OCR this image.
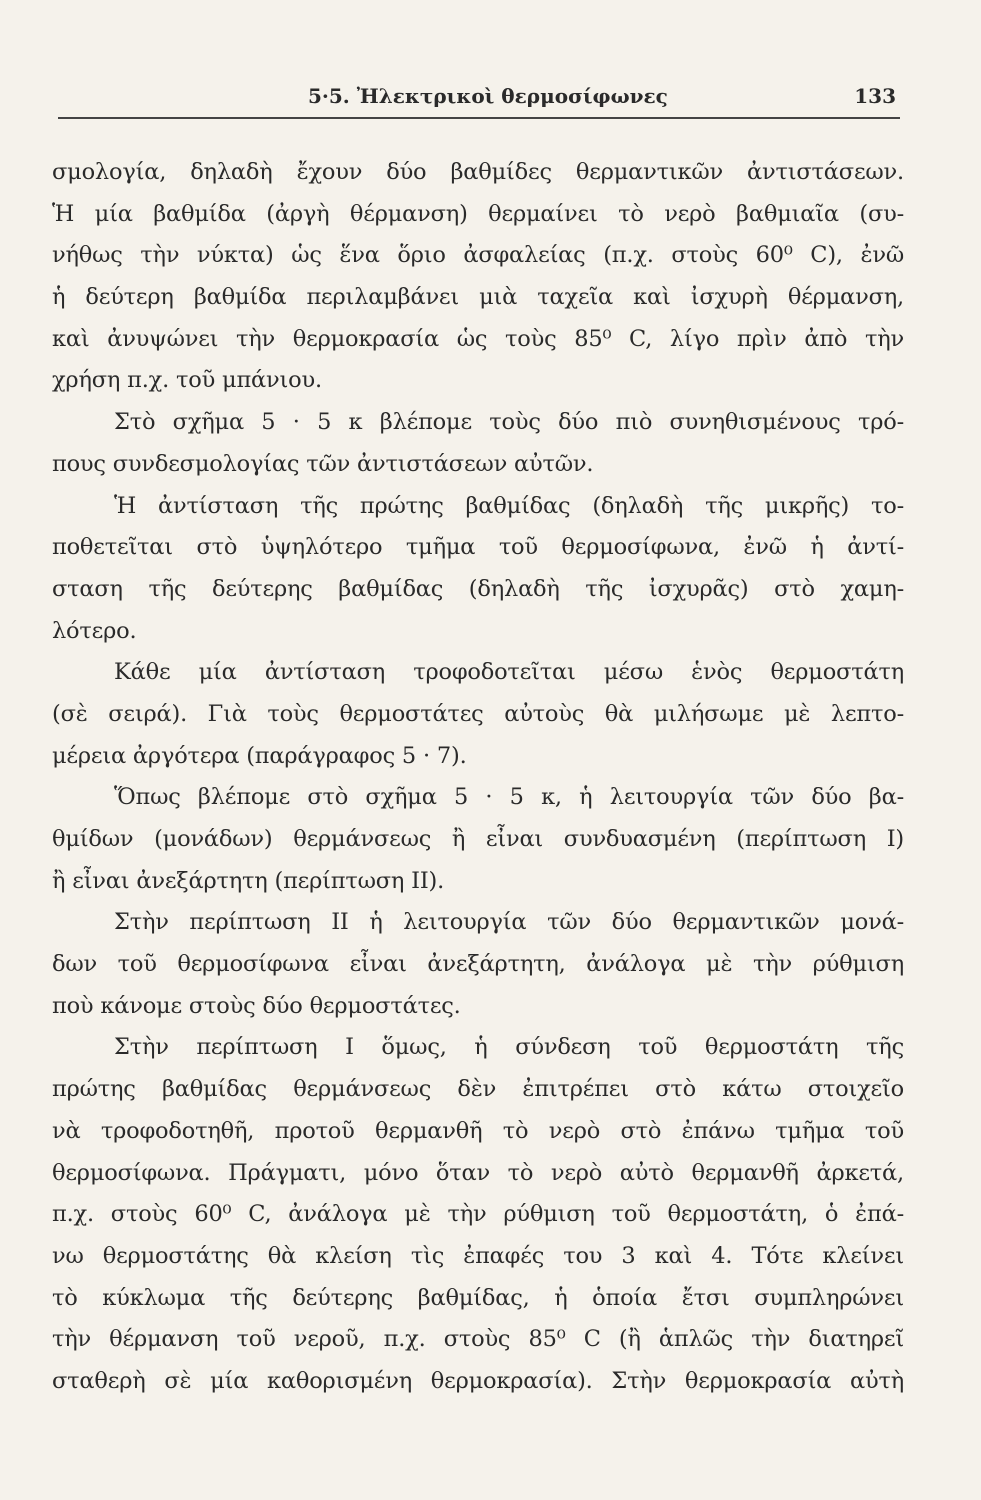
5·5. Ἠλεκτρικοὶ θερμοσίφωνες	133
σμολογία, δηλαδὴ ἔχουν δύο βαθμίδες θερμαντικῶν ἀντιστάσεων.
Ἡ μία βαθμίδα (ἀργὴ θέρμανση) θερμαίνει τὸ νερὸ βαθμιαῖα (συ-
νήθως τὴν νύκτα) ὡς ἕνα ὅριο ἀσφαλείας (π.χ. στοὺς 60⁰ C), ἐνῶ
ἡ δεύτερη βαθμίδα περιλαμβάνει μιὰ ταχεῖα καὶ ἰσχυρὴ θέρμανση,
καὶ ἀνυψώνει τὴν θερμοκρασία ὡς τοὺς 85⁰ C, λίγο πρὶν ἀπὸ τὴν
χρήση π.χ. τοῦ μπάνιου.
Στὸ σχῆμα 5 · 5 κ βλέπομε τοὺς δύο πιὸ συνηθισμένους τρό-
πους συνδεσμολογίας τῶν ἀντιστάσεων αὐτῶν.
Ἡ ἀντίσταση τῆς πρώτης βαθμίδας (δηλαδὴ τῆς μικρῆς) το-
ποθετεῖται στὸ ὑψηλότερο τμῆμα τοῦ θερμοσίφωνα, ἐνῶ ἡ ἀντί-
σταση τῆς δεύτερης βαθμίδας (δηλαδὴ τῆς ἰσχυρᾶς) στὸ χαμη-
λότερο.
Κάθε μία ἀντίσταση τροφοδοτεῖται μέσω ἑνὸς θερμοστάτη
(σὲ σειρά). Γιὰ τοὺς θερμοστάτες αὐτοὺς θὰ μιλήσωμε μὲ λεπτο-
μέρεια ἀργότερα (παράγραφος 5 · 7).
Ὅπως βλέπομε στὸ σχῆμα 5 · 5 κ, ἡ λειτουργία τῶν δύο βα-
θμίδων (μονάδων) θερμάνσεως ἢ εἶναι συνδυασμένη (περίπτωση I)
ἢ εἶναι ἀνεξάρτητη (περίπτωση II).
Στὴν περίπτωση II ἡ λειτουργία τῶν δύο θερμαντικῶν μονά-
δων τοῦ θερμοσίφωνα εἶναι ἀνεξάρτητη, ἀνάλογα μὲ τὴν ρύθμιση
ποὺ κάνομε στοὺς δύο θερμοστάτες.
Στὴν περίπτωση I ὅμως, ἡ σύνδεση τοῦ θερμοστάτη τῆς
πρώτης βαθμίδας θερμάνσεως δὲν ἐπιτρέπει στὸ κάτω στοιχεῖο
νὰ τροφοδοτηθῆ, προτοῦ θερμανθῆ τὸ νερὸ στὸ ἐπάνω τμῆμα τοῦ
θερμοσίφωνα. Πράγματι, μόνο ὅταν τὸ νερὸ αὐτὸ θερμανθῆ ἀρκετά,
π.χ. στοὺς 60⁰ C, ἀνάλογα μὲ τὴν ρύθμιση τοῦ θερμοστάτη, ὁ ἐπά-
νω θερμοστάτης θὰ κλείση τὶς ἐπαφές του 3 καὶ 4. Τότε κλείνει
τὸ κύκλωμα τῆς δεύτερης βαθμίδας, ἡ ὁποία ἔτσι συμπληρώνει
τὴν θέρμανση τοῦ νεροῦ, π.χ. στοὺς 85⁰ C (ἢ ἁπλῶς τὴν διατηρεῖ
σταθερὴ σὲ μία καθορισμένη θερμοκρασία). Στὴν θερμοκρασία αὐτὴ
